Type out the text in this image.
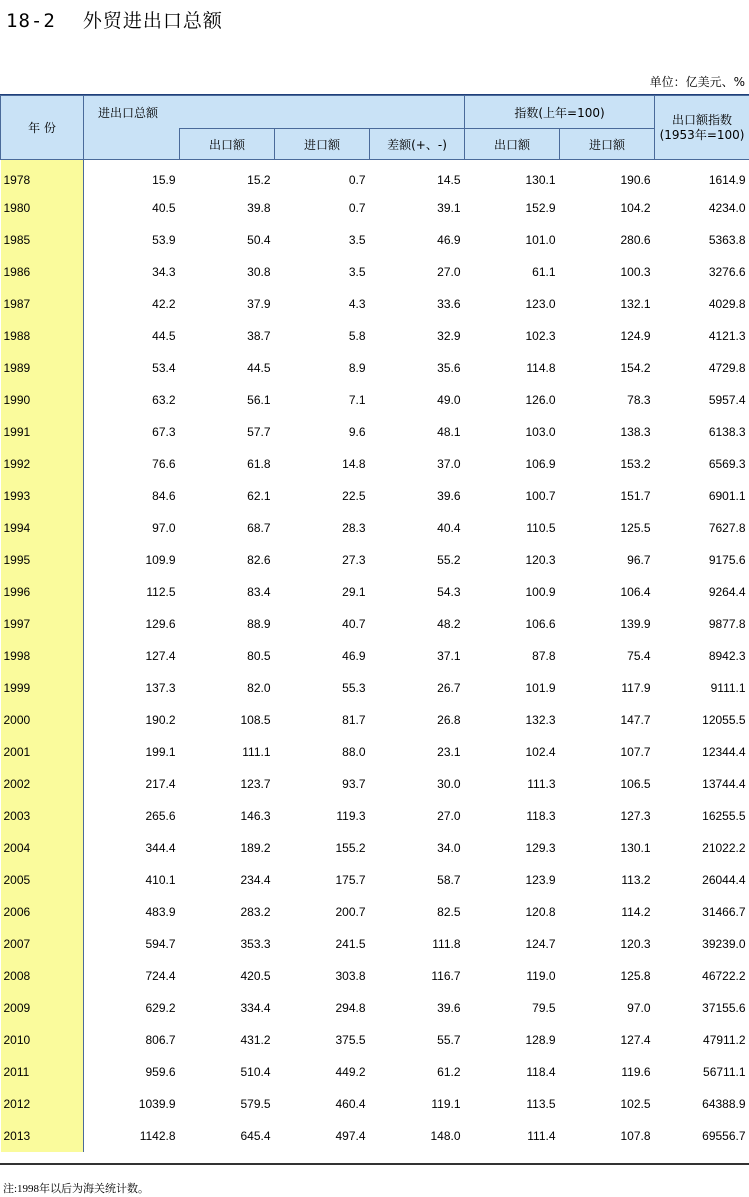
18-2 外贸进出口总额
单位：亿美元、%
年 份	进出口总额				指数(上年=100)		出口额指数
(1953年=100)

		出口额	进口额	差额(+、-)	出口额	进口额	
1978	15.9	15.2	0.7	14.5	130.1	190.6	1614.9
1980	40.5	39.8	0.7	39.1	152.9	104.2	4234.0
1985	53.9	50.4	3.5	46.9	101.0	280.6	5363.8
1986	34.3	30.8	3.5	27.0	61.1	100.3	3276.6
1987	42.2	37.9	4.3	33.6	123.0	132.1	4029.8
1988	44.5	38.7	5.8	32.9	102.3	124.9	4121.3
1989	53.4	44.5	8.9	35.6	114.8	154.2	4729.8
1990	63.2	56.1	7.1	49.0	126.0	78.3	5957.4
1991	67.3	57.7	9.6	48.1	103.0	138.3	6138.3
1992	76.6	61.8	14.8	37.0	106.9	153.2	6569.3
1993	84.6	62.1	22.5	39.6	100.7	151.7	6901.1
1994	97.0	68.7	28.3	40.4	110.5	125.5	7627.8
1995	109.9	82.6	27.3	55.2	120.3	96.7	9175.6
1996	112.5	83.4	29.1	54.3	100.9	106.4	9264.4
1997	129.6	88.9	40.7	48.2	106.6	139.9	9877.8
1998	127.4	80.5	46.9	37.1	87.8	75.4	8942.3
1999	137.3	82.0	55.3	26.7	101.9	117.9	9111.1
2000	190.2	108.5	81.7	26.8	132.3	147.7	12055.5
2001	199.1	111.1	88.0	23.1	102.4	107.7	12344.4
2002	217.4	123.7	93.7	30.0	111.3	106.5	13744.4
2003	265.6	146.3	119.3	27.0	118.3	127.3	16255.5
2004	344.4	189.2	155.2	34.0	129.3	130.1	21022.2
2005	410.1	234.4	175.7	58.7	123.9	113.2	26044.4
2006	483.9	283.2	200.7	82.5	120.8	114.2	31466.7
2007	594.7	353.3	241.5	111.8	124.7	120.3	39239.0
2008	724.4	420.5	303.8	116.7	119.0	125.8	46722.2
2009	629.2	334.4	294.8	39.6	79.5	97.0	37155.6
2010	806.7	431.2	375.5	55.7	128.9	127.4	47911.2
2011	959.6	510.4	449.2	61.2	118.4	119.6	56711.1
2012	1039.9	579.5	460.4	119.1	113.5	102.5	64388.9
2013	1142.8	645.4	497.4	148.0	111.4	107.8	69556.7
注:1998年以后为海关统计数。
